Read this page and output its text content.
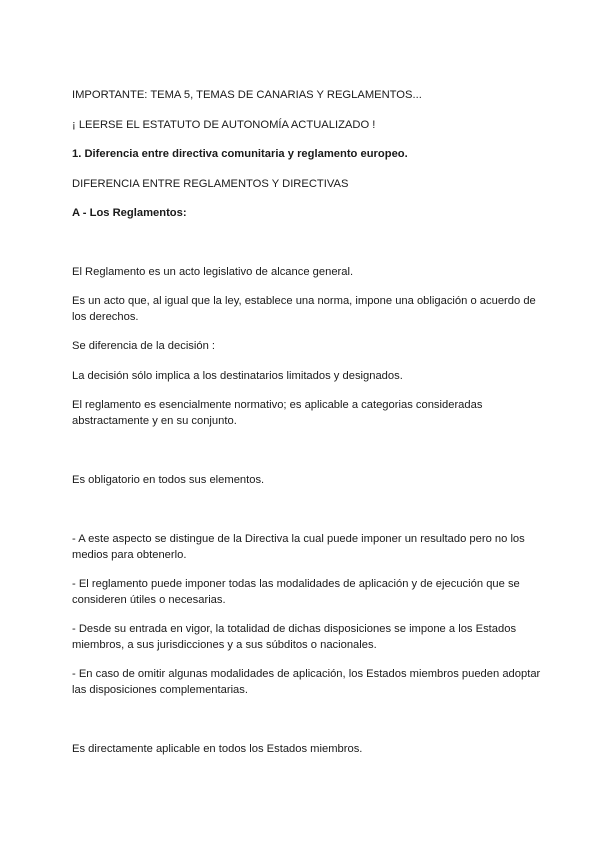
IMPORTANTE: TEMA 5, TEMAS DE CANARIAS Y REGLAMENTOS...

¡ LEERSE EL ESTATUTO DE AUTONOMÍA ACTUALIZADO !

1. Diferencia entre directiva comunitaria y reglamento europeo.

DIFERENCIA ENTRE REGLAMENTOS Y DIRECTIVAS

A - Los Reglamentos:

El Reglamento es un acto legislativo de alcance general.

Es un acto que, al igual que la ley, establece una norma, impone una obligación o acuerdo de los derechos.

Se diferencia de la decisión :

La decisión sólo implica a los destinatarios limitados y designados.

El reglamento es esencialmente normativo; es aplicable a categorias consideradas abstractamente y en su conjunto.

Es obligatorio en todos sus elementos.

- A este aspecto se distingue de la Directiva la cual puede imponer un resultado pero no los medios para obtenerlo.

- El reglamento puede imponer todas las modalidades de aplicación y de ejecución que se consideren útiles o necesarias.

- Desde su entrada en vigor, la totalidad de dichas disposiciones se impone a los Estados miembros, a sus jurisdicciones y a sus súbditos o nacionales.

- En caso de omitir algunas modalidades de aplicación, los Estados miembros pueden adoptar las disposiciones complementarias.

Es directamente aplicable en todos los Estados miembros.
